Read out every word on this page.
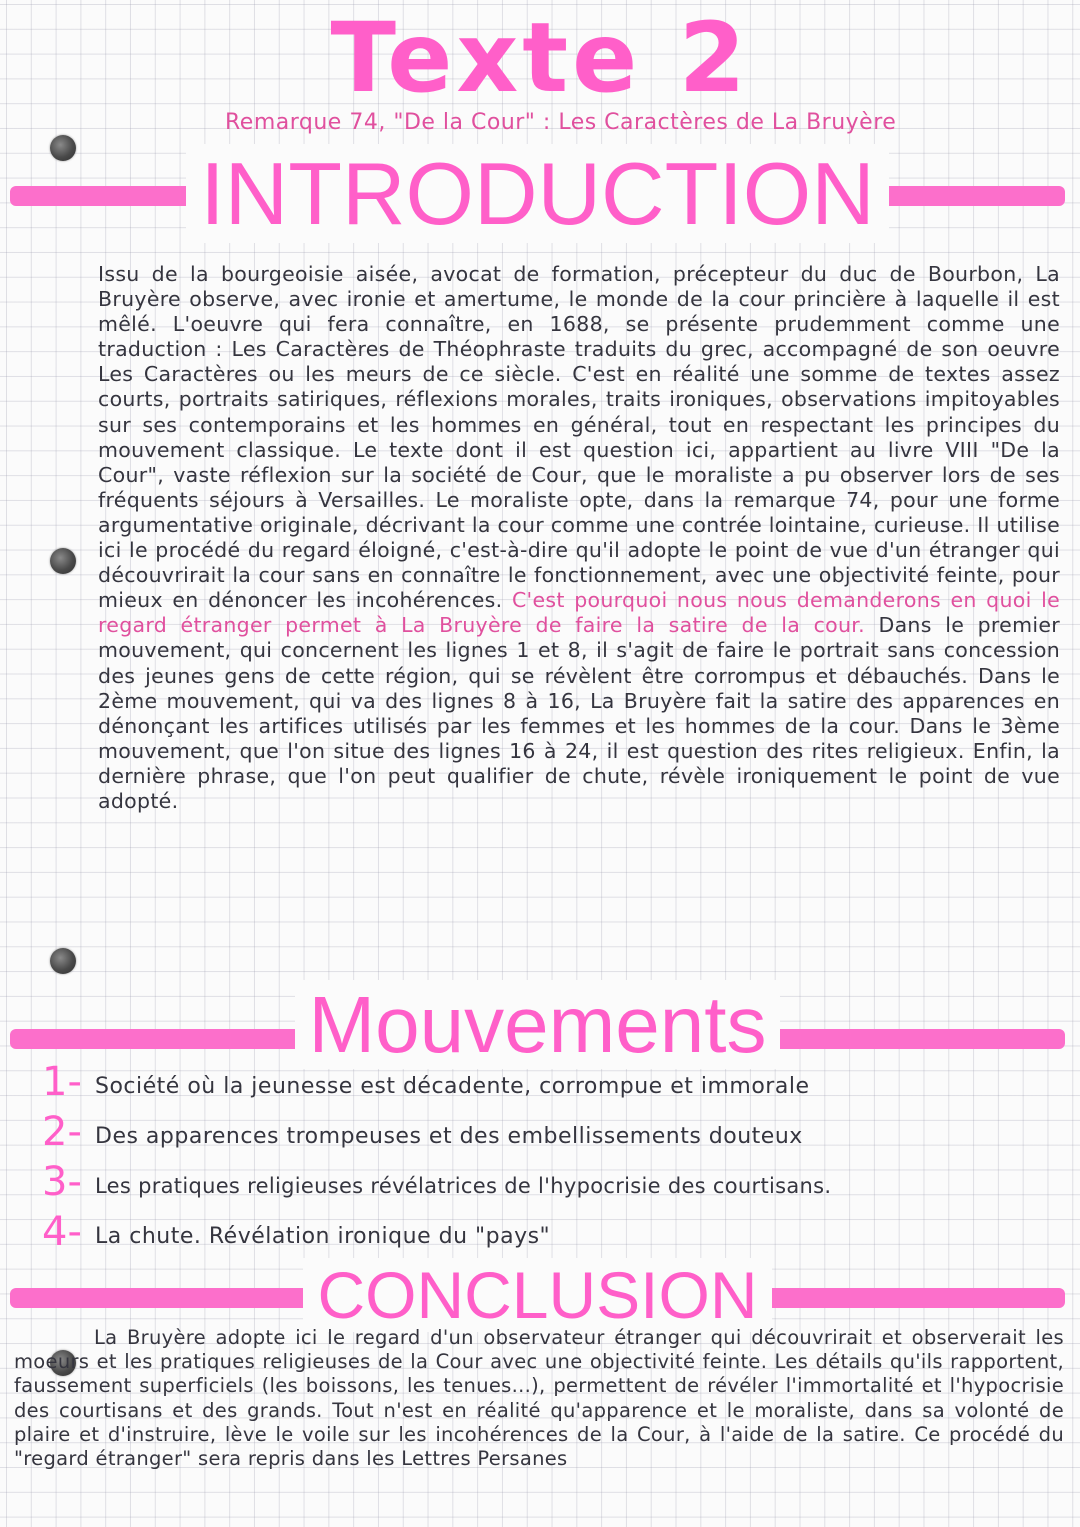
Texte 2
Remarque 74, "De la Cour" : Les Caractères de La Bruyère
INTRODUCTION
Issu de la bourgeoisie aisée, avocat de formation, précepteur du duc de Bourbon, La Bruyère observe, avec ironie et amertume, le monde de la cour princière à laquelle il est mêlé. L'oeuvre qui fera connaître, en 1688, se présente prudemment comme une traduction : Les Caractères de Théophraste traduits du grec, accompagné de son oeuvre Les Caractères ou les meurs de ce siècle. C'est en réalité une somme de textes assez courts, portraits satiriques, réflexions morales, traits ironiques, observations impitoyables sur ses contemporains et les hommes en général, tout en respectant les principes du mouvement classique. Le texte dont il est question ici, appartient au livre VIII "De la Cour", vaste réflexion sur la société de Cour, que le moraliste a pu observer lors de ses fréquents séjours à Versailles. Le moraliste opte, dans la remarque 74, pour une forme argumentative originale, décrivant la cour comme une contrée lointaine, curieuse. Il utilise ici le procédé du regard éloigné, c'est-à-dire qu'il adopte le point de vue d'un étranger qui découvrirait la cour sans en connaître le fonctionnement, avec une objectivité feinte, pour mieux en dénoncer les incohérences. C'est pourquoi nous nous demanderons en quoi le regard étranger permet à La Bruyère de faire la satire de la cour. Dans le premier mouvement, qui concernent les lignes 1 et 8, il s'agit de faire le portrait sans concession des jeunes gens de cette région, qui se révèlent être corrompus et débauchés. Dans le 2ème mouvement, qui va des lignes 8 à 16, La Bruyère fait la satire des apparences en dénonçant les artifices utilisés par les femmes et les hommes de la cour. Dans le 3ème mouvement, que l'on situe des lignes 16 à 24, il est question des rites religieux. Enfin, la dernière phrase, que l'on peut qualifier de chute, révèle ironiquement le point de vue adopté.
Mouvements
1- Société où la jeunesse est décadente, corrompue et immorale
2- Des apparences trompeuses et des embellissements douteux
3- Les pratiques religieuses révélatrices de l'hypocrisie des courtisans.
4- La chute. Révélation ironique du "pays"
CONCLUSION
La Bruyère adopte ici le regard d'un observateur étranger qui découvrirait et observerait les moeurs et les pratiques religieuses de la Cour avec une objectivité feinte. Les détails qu'ils rapportent, faussement superficiels (les boissons, les tenues...), permettent de révéler l'immortalité et l'hypocrisie des courtisans et des grands. Tout n'est en réalité qu'apparence et le moraliste, dans sa volonté de plaire et d'instruire, lève le voile sur les incohérences de la Cour, à l'aide de la satire. Ce procédé du "regard étranger" sera repris dans les Lettres Persanes
